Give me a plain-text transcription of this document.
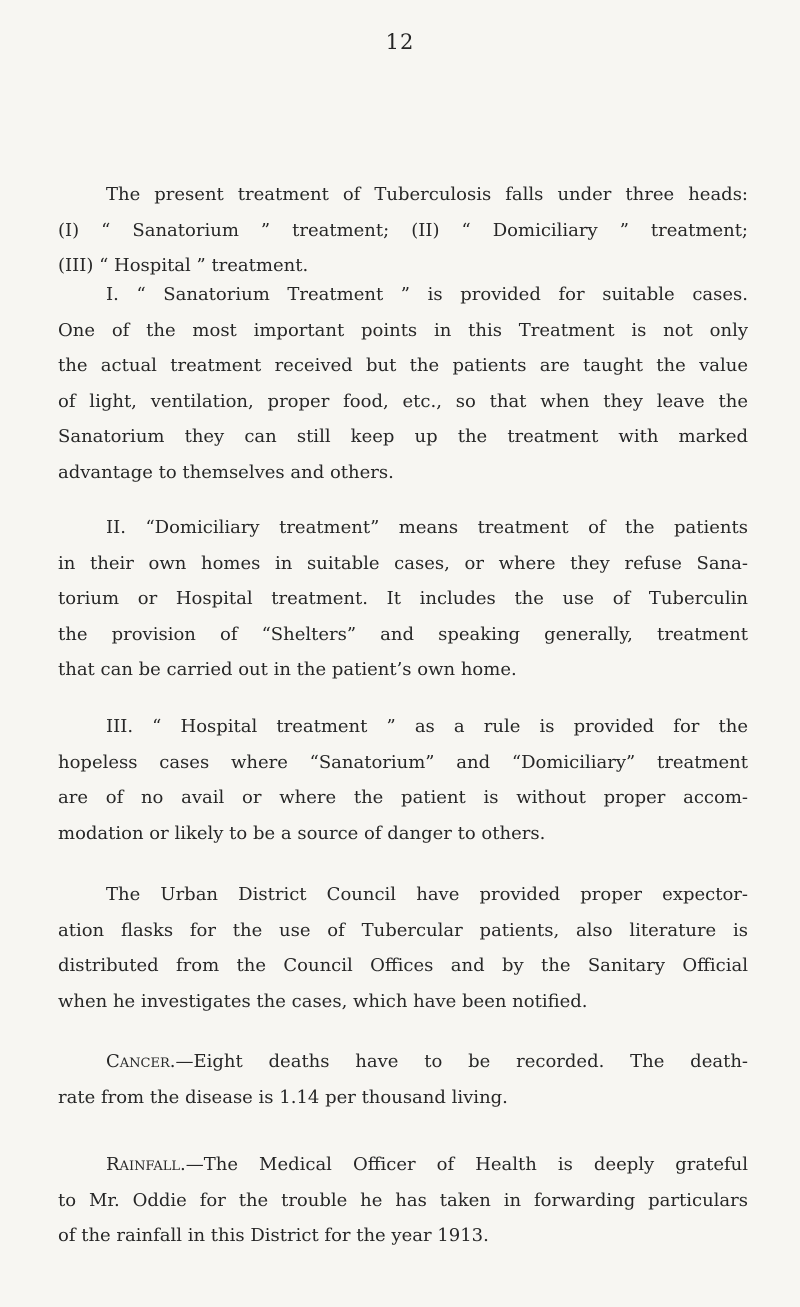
12

The present treatment of Tuberculosis falls under three heads:
(I) “ Sanatorium ” treatment; (II) “ Domiciliary ” treatment;
(III) “ Hospital ” treatment.

I. “ Sanatorium Treatment ” is provided for suitable cases.
One of the most important points in this Treatment is not only
the actual treatment received but the patients are taught the value
of light, ventilation, proper food, etc., so that when they leave the
Sanatorium they can still keep up the treatment with marked
advantage to themselves and others.

II. “Domiciliary treatment” means treatment of the patients
in their own homes in suitable cases, or where they refuse Sana-
torium or Hospital treatment. It includes the use of Tuberculin
the provision of “Shelters” and speaking generally, treatment
that can be carried out in the patient’s own home.

III. “ Hospital treatment ” as a rule is provided for the
hopeless cases where “Sanatorium” and “Domiciliary” treatment
are of no avail or where the patient is without proper accom-
modation or likely to be a source of danger to others.

The Urban District Council have provided proper expector-
ation flasks for the use of Tubercular patients, also literature is
distributed from the Council Offices and by the Sanitary Official
when he investigates the cases, which have been notified.

Cancer.—Eight deaths have to be recorded. The death-
rate from the disease is 1.14 per thousand living.

Rainfall.—The Medical Officer of Health is deeply grateful
to Mr. Oddie for the trouble he has taken in forwarding particulars
of the rainfall in this District for the year 1913.
